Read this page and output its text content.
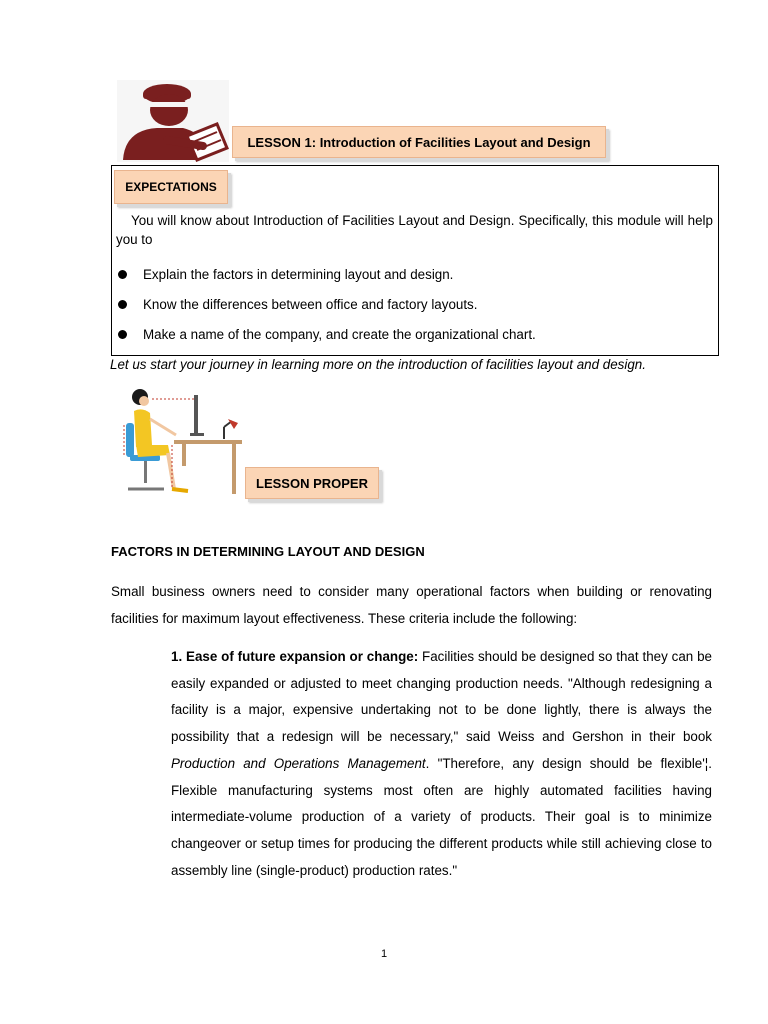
LESSON 1: Introduction of Facilities Layout and Design
EXPECTATIONS
You will know about Introduction of Facilities Layout and Design. Specifically, this module will help you to
Explain the factors in determining layout and design.
Know the differences between office and factory layouts.
Make a name of the company, and create the organizational chart.
Let us start your journey in learning more on the introduction of facilities layout and design.
LESSON PROPER
FACTORS IN DETERMINING LAYOUT AND DESIGN
Small business owners need to consider many operational factors when building or renovating facilities for maximum layout effectiveness. These criteria include the following:
1. Ease of future expansion or change: Facilities should be designed so that they can be easily expanded or adjusted to meet changing production needs. "Although redesigning a facility is a major, expensive undertaking not to be done lightly, there is always the possibility that a redesign will be necessary," said Weiss and Gershon in their book Production and Operations Management. "Therefore, any design should be flexible'¦. Flexible manufacturing systems most often are highly automated facilities having intermediate-volume production of a variety of products. Their goal is to minimize changeover or setup times for producing the different products while still achieving close to assembly line (single-product) production rates."
1
